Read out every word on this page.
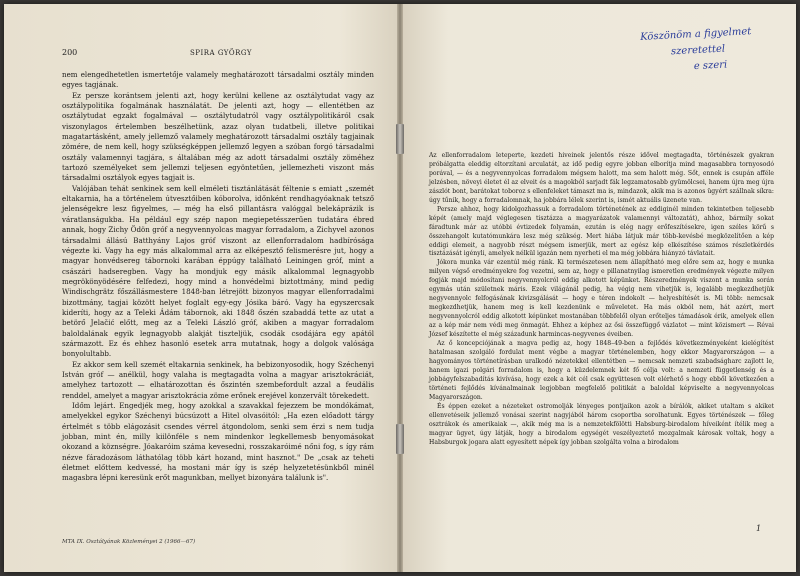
200	SPIRA GYÖRGY

nem elengedhetetlen ismertetője valamely meghatározott társadalmi osztály minden egyes tagjának.

Ez persze korántsem jelenti azt, hogy kerülni kellene az osztálytudat vagy az osztálypolitika fogalmának használatát. De jelenti azt, hogy — ellentétben az osztálytudat egzakt fogalmával — osztálytudatról vagy osztálypolitikáról csak viszonylagos értelemben beszélhetünk, azaz olyan tudatbeli, illetve politikai magatartásként, amely jellemző valamely meghatározott társadalmi osztály tagjainak zömére, de nem kell, hogy szükségképpen jellemző legyen a szóban forgó társadalmi osztály valamennyi tagjára, s általában még az adott társadalmi osztály zöméhez tartozó személyeket sem jellemzi teljesen egyöntetűen, jellemezheti viszont más társadalmi osztályok egyes tagjait is.

Valójában tehát senkinek sem kell elméleti tisztánlátását féltenie s emiatt „szemét eltakarnia, ha a történelem útvesztőiben kóborolva, időnként rendhagyóaknak tetsző jelenségekre lesz figyelmes, — még ha első pillantásra valóggal belekáprázik is váratlanságukba. Ha például egy szép napon megiepetésszerűen tudatára ébred annak, hogy Zichy Ödön gróf a negyvennyolcas magyar forradalom, a Zichyvel azonos társadalmi állású Batthyány Lajos gróf viszont az ellenforradalom hadbírósága végezte ki. Vagy ha egy más alkalommal arra az elképesztő felismerésre jut, hogy a magyar honvédsereg tábornoki karában éppúgy található Leiningen gróf, mint a császári hadseregben. Vagy ha mondjuk egy másik alkalommal legnagyobb megrökönyödésére felfedezi, hogy mind a honvédelmi biztottmány, mind pedig Windischgrätz főszállásmestere 1848-ban létrejött bizonyos magyar ellenforradalmi bizottmány, tagjai között helyet foglalt egy-egy Jósika báró. Vagy ha egyszercsak kideríti, hogy az a Teleki Ádám tábornok, aki 1848 őszén szabaddá tette az utat a betörő Jelačić előtt, meg az a Teleki László gróf, akiben a magyar forradalom baloldalának egyik legnagyobb alakját tiszteljük, csodák csodájára egy apától származott. Ez és ehhez hasonló esetek arra mutatnak, hogy a dolgok valósága bonyolultabb.

Ez akkor sem kell szemét eltakarnia senkinek, ha bebizonyosodik, hogy Széchenyi István gróf — anélkül, hogy valaha is megtagadta volna a magyar arisztokráciát, amelyhez tartozott — elhatározottan és őszintén szembefordult azzal a feudális renddel, amelyet a magyar arisztokrácia zöme erőnek erejével konzervált törekedett.

Időm lejárt. Engedjék meg, hogy azokkal a szavakkal fejezzem be mondókámat, amelyekkel egykor Széchenyi búcsúzott a Hitel olvasóitól: „Ha ezen előadott tárgy értelmét s több elágozásit csendes vérrel átgondolom, senki sem érzi s nem tudja jobban, mint én, milly kiilönféle s nem mindenkor legkellemesb benyomásokat okozand a köznségre. Jóakaróim száma kevesedni, rosszakaróimé nőni fog, s így rám nézve fáradozásom láthatólag több kárt hozand, mint hasznot." De „csak az teheti életmet előttem kedvessé, ha mostani már így is szép helyzetetésünkből minél magasbra lépni keresünk erőt magunkban, mellyet bizonyára találunk is".

MTA IX. Osztályának Közleményei 2 (1966—67)
Köszönöm a figyelmet
szeretettel
e szeri

Az ellenforradalom leteperte, kezdeti hiveinek jelentős része idővel megtagadta, történészek gyakran próbálgatta eleddig eltorzítani arculatát, az idő pedig egyre jobban elborítja mind magasabbra tornyosodó porával, — és a negyvennyolcas forradalom mégsem halott, ma sem halott még. Sőt, ennek is csupán afféle jelzésben, növeyi életet él az elveit és a magokból sarjadt fák legzamatosabb gyümölcsei, hanem újra meg újra zászlót bont, barátokat toboroz s ellenfeleket támaszt ma is, mindazok, akik ma is azonos ügyért szállnak síkra: úgy tűnik, hogy a forradalomnak, ha jobbára lélek szerint is, ismét aktuális üzenete van.

Persze ahhoz, hogy kidolgozhassuk a forradalom történetének az eddiginél minden tekintetben teljesebb képét (amely majd véglegesen tisztázza a magyarázatok valamennyi változatát), ahhoz, bármily sokat fáradtunk már az utóbbi évtizedek folyamán, ezután is elég nagy erőfeszítésekre, igen széles körű s összehangolt kutatómunkára lesz még szükség. Mert hiába látjuk már több-kevésbé megközelítően a kép eddigi elemeit, a nagyobb részt mégsem ismerjük, mert az egész kép elkészítése számos részletkérdés tisztázását igényli, amelyek nélkül igazán nem nyerheti el ma még jobbára hiányzó távlatait.

Jókora munka vár ezentúl még ránk. Ki természetesen nem állapítható meg előre sem az, hogy e munka milyen végső eredményekre fog vezetni, sem az, hogy e pillanatnyilag ismeretlen eredmények végezte milyen fogják majd módosítani negyvennyolcról eddig alkotott képünket. Részeredmények viszont a munka során egymás után születnek máris. Ezek világánál pedig, ha végig nem vihetjük is, legalább megkezdhetjük negyvennyolc felfogásának kivizsgálását — hogy e téren indokolt — helyesbítését is. Mi több: nemcsak megkezdhetjük, hanem meg is kell kezdenünk e műveletet. Ha más okból nem, hát azért, mert negyvennyolcról eddig alkotott képünket mostanában többfelől olyan erőteljes támadások érik, amelyek ellen az a kép már nem védi meg önmagát. Ehhez a képhez az ősi összefüggő vázlatot — mint közismert — Révai József készítette el még századunk harmincas-negyvenes éveiben.

Az ő koncepciójának a magva pedig az, hogy 1848–49-ben a fejlődés következményeként kielégítést hatalmasan szolgáló fordulat ment végbe a magyar történelemben, hogy ekkor Magyarországon — a hagyományos történetírásban uralkodó nézetekkel ellentétben — nemcsak nemzeti szabadságharc zajlott le, hanem igazi polgári forradalom is, hogy a küzdelemnek két fő célja volt: a nemzeti függetlenség és a jobbágyfelszabadítás kivívása, hogy ezek a két cél csak együttesen volt elérhető s hogy ebből következően a történeti fejlődés kívánalmainak legjobban megfelelő politikát a baloldal képviselte a negyvennyolcas Magyarországon.

És éppen ezeket a nézeteket ostromolják lényeges pontjaikon azok a bírálók, akiket utaltam s akiket ellenvetéseik jellemző vonásai szerint nagyjából három csoportba sorolhatunk. Egyes történészek — főleg osztrákok és amerikaiak —, akik még ma is a nemzetekfölötti Habsburg-birodalom híveiként ítélik meg a magyar ügyet, úgy látják, hogy a birodalom egységét veszélyeztető mozgalmak károsak voltak, hogy a Habsburgok jogara alatt egyesített népek így jobban szolgálta volna a birodalom

1
